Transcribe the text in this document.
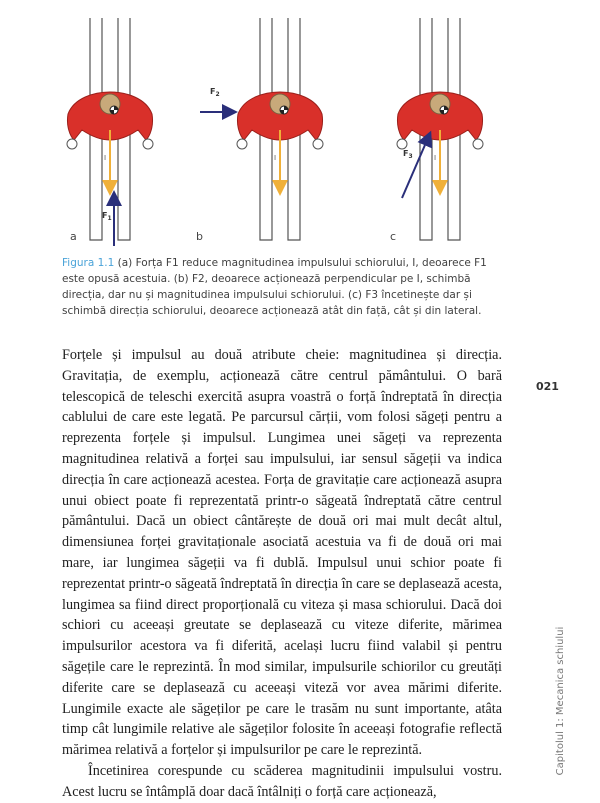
I
$F_1$
a
I
$F_2$
b
I
$F_3$
c
Figura 1.1 (a) Forța F1 reduce magnitudinea impulsului schiorului, I, deoarece F1 este opusă acestuia. (b) F2, deoarece acționează perpendicular pe I, schimbă direcția, dar nu și magnitudinea impulsului schiorului. (c) F3 încetinește dar și schimbă direcția schiorului, deoarece acționează atât din față, cât și din lateral.

Forțele și impulsul au două atribute cheie: magnitudinea și direcția. Gravitația, de exemplu, acționează către centrul pământului. O bară telescopică de teleschi exercită asupra voastră o forță îndreptată în direcția cablului de care este legată. Pe parcursul cărții, vom folosi săgeți pentru a reprezenta forțele și impulsul. Lungimea unei săgeți va reprezenta magnitudinea relativă a forței sau impulsului, iar sensul săgeții va indica direcția în care acționează acestea. Forța de gravitație care acționează asupra unui obiect poate fi reprezentată printr-o săgeată îndreptată către centrul pământului. Dacă un obiect cântărește de două ori mai mult decât altul, dimensiunea forței gravitaționale asociată acestuia va fi de două ori mai mare, iar lungimea săgeții va fi dublă. Impulsul unui schior poate fi reprezentat printr-o săgeată îndreptată în direcția în care se deplasează acesta, lungimea sa fiind direct proporțională cu viteza și masa schiorului. Dacă doi schiori cu aceeași greutate se deplasează cu viteze diferite, mărimea impulsurilor acestora va fi diferită, același lucru fiind valabil și pentru săgețile care le reprezintă. În mod similar, impulsurile schiorilor cu greutăți diferite care se deplasează cu aceeași viteză vor avea mărimi diferite. Lungimile exacte ale săgeților pe care le trasăm nu sunt importante, atâta timp cât lungimile relative ale săgeților folosite în aceeași fotografie reflectă mărimea relativă a forțelor și impulsurilor pe care le reprezintă.

Încetinirea corespunde cu scăderea magnitudinii impulsului vostru. Acest lucru se întâmplă doar dacă întâlniți o forță care acționează,

021
Capitolul 1: Mecanica schiului
